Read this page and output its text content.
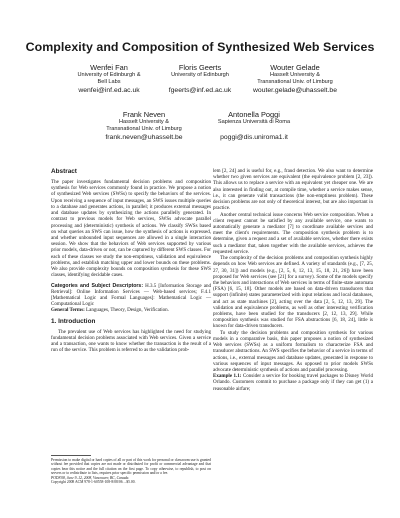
Complexity and Composition of Synthesized Web Services
Wenfei Fan
University of Edinburgh &
Bell Labs
wenfei@inf.ed.ac.uk
Floris Geerts
University of Edinburgh
fgeerts@inf.ed.ac.uk
Wouter Gelade
Hasselt University &
Transnational Univ. of Limburg
wouter.gelade@uhasselt.be
Frank Neven
Hasselt University &
Transnational Univ. of Limburg
frank.neven@uhasselt.be
Antonella Poggi
Sapienza Università di Roma
poggi@dis.uniroma1.it
Abstract

The paper investigates fundamental decision problems and composition synthesis for Web services commonly found in practice. We propose a notion of synthesized Web services (SWSs) to specify the behaviors of the services. Upon receiving a sequence of input messages, an SWS issues multiple queries to a database and generates actions, in parallel; it produces external messages and database updates by synthesizing the actions parallelly generated. In contrast to previous models for Web services, SWSs advocate parallel processing and (deterministic) synthesis of actions. We classify SWSs based on what queries an SWS can issue, how the synthesis of actions is expressed, and whether unbounded input sequences are allowed in a single interaction session. We show that the behaviors of Web services supported by various prior models, data-driven or not, can be captured by different SWS classes. For each of these classes we study the non-emptiness, validation and equivalence problems, and establish matching upper and lower bounds on these problems. We also provide complexity bounds on composition synthesis for these SWS classes, identifying decidable cases.

Categories and Subject Descriptors: H.3.5 [Information Storage and Retrieval]: Online Information Services — Web-based services; F.4.1 [Mathematical Logic and Formal Languages]: Mathematical Logic — Computational Logic

General Terms: Languages, Theory, Design, Verification.

1. Introduction

The prevalent use of Web services has highlighted the need for studying fundamental decision problems associated with Web services. Given a service and a transaction, one wants to know whether the transaction is the result of a run of the service. This problem is referred to as the validation prob-

Permission to make digital or hard copies of all or part of this work for personal or classroom use is granted without fee provided that copies are not made or distributed for profit or commercial advantage and that copies bear this notice and the full citation on the first page. To copy otherwise, to republish, to post on servers or to redistribute to lists, requires prior specific permission and/or a fee.

PODS'08, June 9–12, 2008, Vancouver, BC, Canada.

Copyright 2008 ACM 978-1-60558-108-8/08/06 ...$5.00.

lem [2, 24] and is useful for, e.g., fraud detection. We also want to determine whether two given services are equivalent (the equivalence problem [2, 23]). This allows us to replace a service with an equivalent yet cheaper one. We are also interested in finding out, at compile time, whether a service makes sense, i.e., it can generate valid transactions (the non-emptiness problem). These decision problems are not only of theoretical interest, but are also important in practice.

Another central technical issue concerns Web service composition. When a client request cannot be satisfied by any available service, one wants to automatically generate a mediator [7] to coordinate available services and meet the client's requirements. The composition synthesis problem is to determine, given a request and a set of available services, whether there exists such a mediator that, taken together with the available services, achieves the requested service.

The complexity of the decision problems and composition synthesis highly depends on how Web services are defined. A variety of standards (e.g., [7, 25, 27, 30, 31]) and models (e.g., [2, 5, 6, 12, 13, 15, 18, 21, 26]) have been proposed for Web services (see [21] for a survey). Some of the models specify the behaviors and interactions of Web services in terms of finite-state automata (FSA) [6, 15, 18]. Other models are based on data-driven transducers that support (infinite) states parameterized with input relations and local databases, and act as state machines [2], acting over the data [2, 5, 12, 13, 29]. The validation and equivalence problems, as well as other interesting verification problems, have been studied for the transducers [2, 12, 13, 29]. While composition synthesis was studied for FSA abstractions [6, 18, 24], little is known for data-driven transducers.

To study the decision problems and composition synthesis for various models in a comparative basis, this paper proposes a notion of synthesized Web services (SWSs) as a uniform formalism to characterize FSA and transducer abstractions. An SWS specifies the behavior of a service in terms of actions, i.e., external messages and database updates, generated in response to various sequences of input messages. As opposed to prior models SWSs advocate deterministic synthesis of actions and parallel processing.

Example 1.1: Consider a service for booking travel packages to Disney World Orlando. Customers commit to purchase a package only if they can get (1) a reasonable airfare;
